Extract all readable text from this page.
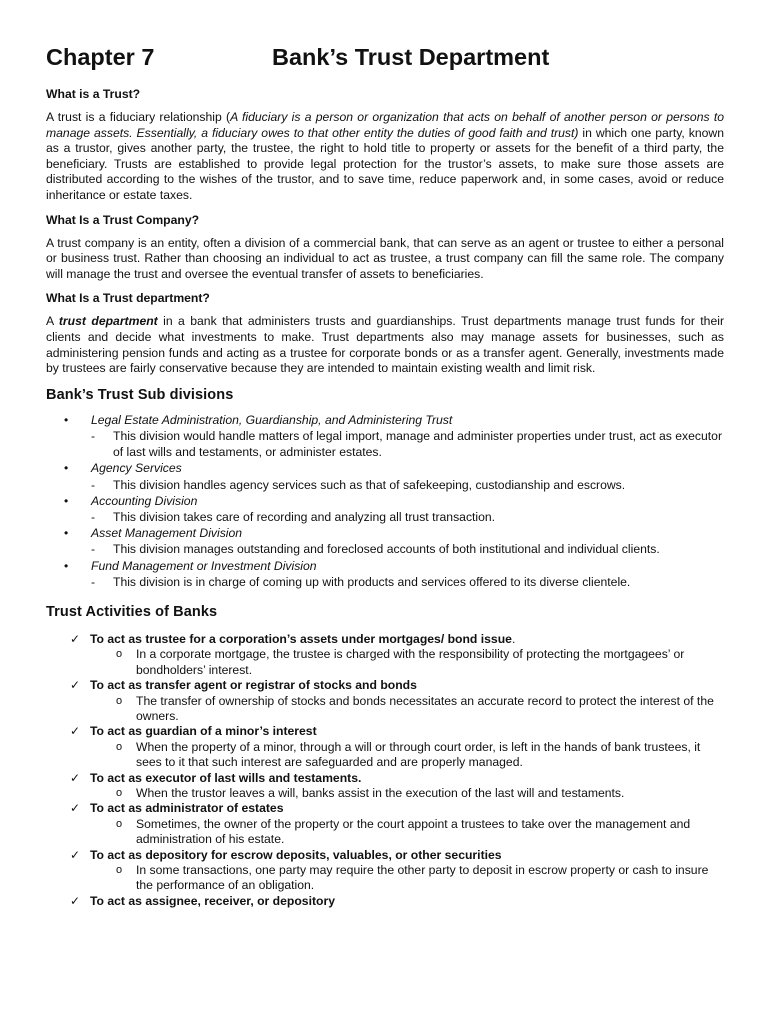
Chapter 7	Bank’s Trust Department
What is a Trust?

A trust is a fiduciary relationship (A fiduciary is a person or organization that acts on behalf of another person or persons to manage assets. Essentially, a fiduciary owes to that other entity the duties of good faith and trust) in which one party, known as a trustor, gives another party, the trustee, the right to hold title to property or assets for the benefit of a third party, the beneficiary. Trusts are established to provide legal protection for the trustor’s assets, to make sure those assets are distributed according to the wishes of the trustor, and to save time, reduce paperwork and, in some cases, avoid or reduce inheritance or estate taxes.

What Is a Trust Company?

A trust company is an entity, often a division of a commercial bank, that can serve as an agent or trustee to either a personal or business trust. Rather than choosing an individual to act as trustee, a trust company can fill the same role. The company will manage the trust and oversee the eventual transfer of assets to beneficiaries.

What Is a Trust department?

A trust department in a bank that administers trusts and guardianships. Trust departments manage trust funds for their clients and decide what investments to make. Trust departments also may manage assets for businesses, such as administering pension funds and acting as a trustee for corporate bonds or as a transfer agent. Generally, investments made by trustees are fairly conservative because they are intended to maintain existing wealth and limit risk.

Bank’s Trust Sub divisions
• Legal Estate Administration, Guardianship, and Administering Trust
- This division would handle matters of legal import, manage and administer properties under trust, act as executor of last wills and testaments, or administer estates.
• Agency Services
- This division handles agency services such as that of safekeeping, custodianship and escrows.
• Accounting Division
- This division takes care of recording and analyzing all trust transaction.
• Asset Management Division
- This division manages outstanding and foreclosed accounts of both institutional and individual clients.
• Fund Management or Investment Division
- This division is in charge of coming up with products and services offered to its diverse clientele.
Trust Activities of Banks
✓ To act as trustee for a corporation’s assets under mortgages/ bond issue.
o In a corporate mortgage, the trustee is charged with the responsibility of protecting the mortgagees’ or bondholders’ interest.
✓ To act as transfer agent or registrar of stocks and bonds
o The transfer of ownership of stocks and bonds necessitates an accurate record to protect the interest of the owners.
✓ To act as guardian of a minor’s interest
o When the property of a minor, through a will or through court order, is left in the hands of bank trustees, it sees to it that such interest are safeguarded and are properly managed.
✓ To act as executor of last wills and testaments.
o When the trustor leaves a will, banks assist in the execution of the last will and testaments.
✓ To act as administrator of estates
o Sometimes, the owner of the property or the court appoint a trustees to take over the management and administration of his estate.
✓ To act as depository for escrow deposits, valuables, or other securities
o In some transactions, one party may require the other party to deposit in escrow property or cash to insure the performance of an obligation.
✓ To act as assignee, receiver, or depository
